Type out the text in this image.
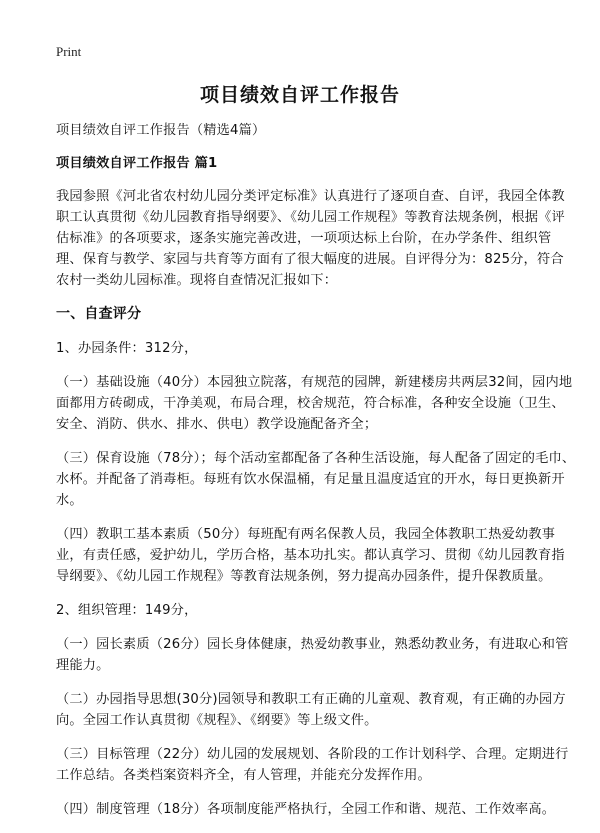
Print
项目绩效自评工作报告

项目绩效自评工作报告（精选4篇）

项目绩效自评工作报告 篇1

我园参照《河北省农村幼儿园分类评定标准》认真进行了逐项自查、自评，我园全体教职工认真贯彻《幼儿园教育指导纲要》、《幼儿园工作规程》等教育法规条例，根据《评估标准》的各项要求，逐条实施完善改进，一项项达标上台阶，在办学条件、组织管理、保育与教学、家园与共育等方面有了很大幅度的进展。自评得分为：825分，符合农村一类幼儿园标准。现将自查情况汇报如下：

一、自查评分

1、办园条件：312分，

（一）基础设施（40分）本园独立院落，有规范的园牌，新建楼房共两层32间，园内地面都用方砖砌成，干净美观，布局合理，校舍规范，符合标准，各种安全设施（卫生、安全、消防、供水、排水、供电）教学设施配备齐全；

（三）保育设施（78分）；每个活动室都配备了各种生活设施，每人配备了固定的毛巾、水杯。并配备了消毒柜。每班有饮水保温桶，有足量且温度适宜的开水，每日更换新开水。

（四）教职工基本素质（50分）每班配有两名保教人员，我园全体教职工热爱幼教事业，有责任感，爱护幼儿，学历合格，基本功扎实。都认真学习、贯彻《幼儿园教育指导纲要》、《幼儿园工作规程》等教育法规条例，努力提高办园条件，提升保教质量。

2、组织管理：149分，

（一）园长素质（26分）园长身体健康，热爱幼教事业，熟悉幼教业务，有进取心和管理能力。

（二）办园指导思想(30分)园领导和教职工有正确的儿童观、教育观，有正确的办园方向。全园工作认真贯彻《规程》、《纲要》等上级文件。

（三）目标管理（22分）幼儿园的发展规划、各阶段的工作计划科学、合理。定期进行工作总结。各类档案资料齐全，有人管理，并能充分发挥作用。

（四）制度管理（18分）各项制度能严格执行，全园工作和谐、规范、工作效率高。
